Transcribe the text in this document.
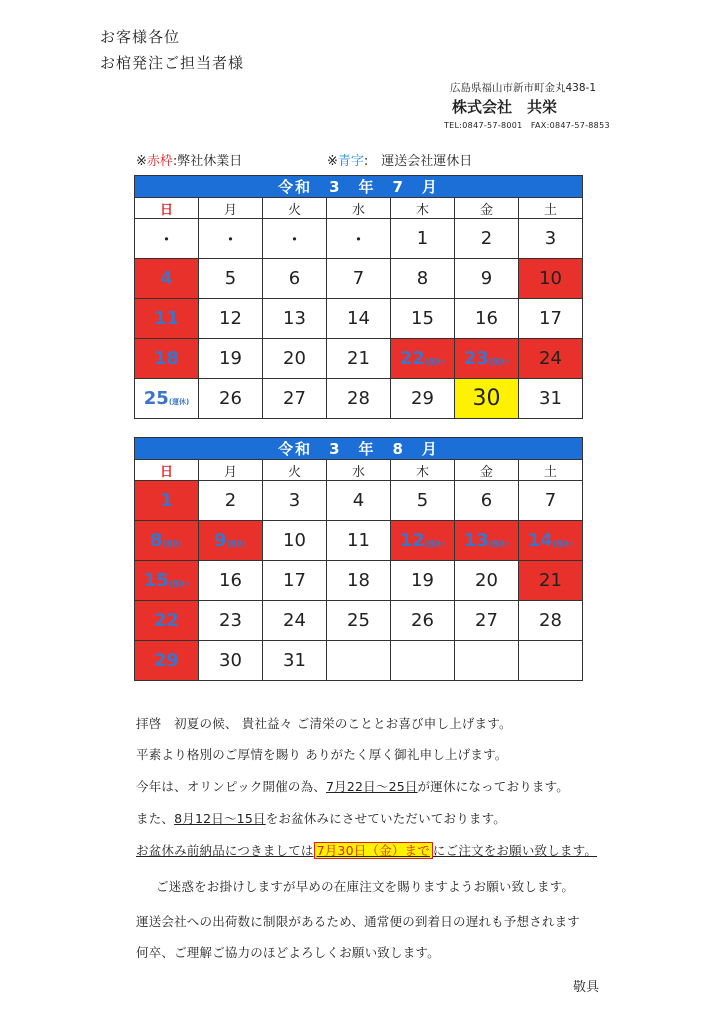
お客様各位
お棺発注ご担当者様
広島県福山市新市町金丸438-1
株式会社　共栄
TEL:0847-57-8001　FAX:0847-57-8853
※赤枠:弊社休業日	※青字:　運送会社運休日
令和　3　年　7　月						
日	月	火	水	木	金	土
・	・	・	・	1	2	3
4	5	6	7	8	9	10
11	12	13	14	15	16	17
18	19	20	21	22(運休)	23(運休)	24
25(運休)	26	27	28	29	30	31
令和　3　年　8　月						
日	月	火	水	木	金	土
1	2	3	4	5	6	7
8(運休)	9(運休)	10	11	12(運休)	13(運休)	14(運休)
15(運休)	16	17	18	19	20	21
22	23	24	25	26	27	28
29	30	31				
拝啓　初夏の候、 貴社益々 ご清栄のこととお喜び申し上げます。
平素より格別のご厚情を賜り ありがたく厚く御礼申し上げます。
今年は、オリンピック開催の為、7月22日～25日が運休になっております。
また、8月12日～15日をお盆休みにさせていただいております。
お盆休み前納品につきましては 7月30日（金）まで にご注文をお願い致します。
ご迷惑をお掛けしますが早めの在庫注文を賜りますようお願い致します。
運送会社への出荷数に制限があるため、通常便の到着日の遅れも予想されます
何卒、ご理解ご協力のほどよろしくお願い致します。
敬具
